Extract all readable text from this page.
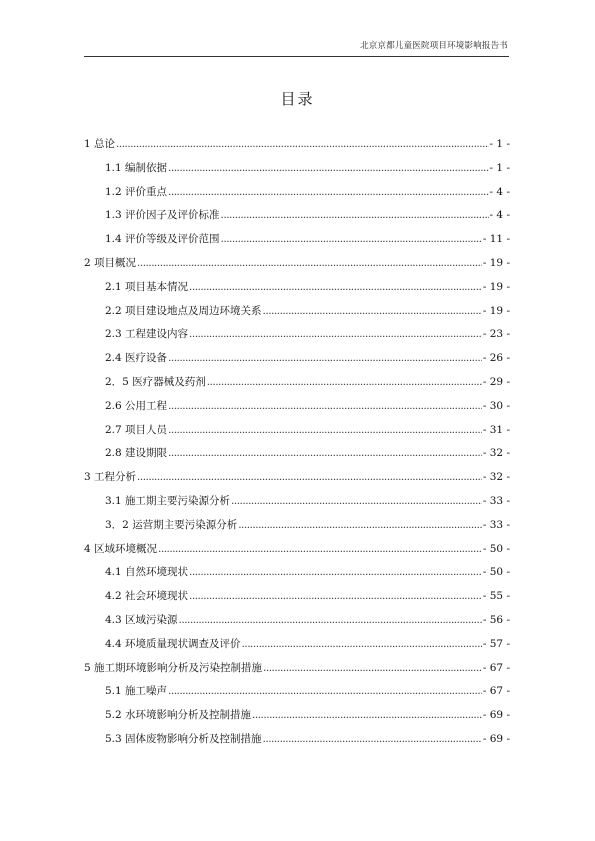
北京京都儿童医院项目环境影响报告书
目录
1 总论 .....	- 1 -
1.1 编制依据 .....	- 1 -
1.2 评价重点 .....	- 4 -
1.3 评价因子及评价标准 .....	- 4 -
1.4 评价等级及评价范围 .....	- 11 -
2 项目概况 .....	- 19 -
2.1 项目基本情况 .....	- 19 -
2.2 项目建设地点及周边环境关系 .....	- 19 -
2.3 工程建设内容 .....	- 23 -
2.4 医疗设备 .....	- 26 -
2．5 医疗器械及药剂 .....	- 29 -
2.6 公用工程 .....	- 30 -
2.7 项目人员 .....	- 31 -
2.8 建设期限 .....	- 32 -
3 工程分析 .....	- 32 -
3.1 施工期主要污染源分析 .....	- 33 -
3．2 运营期主要污染源分析 .....	- 33 -
4 区域环境概况 .....	- 50 -
4.1 自然环境现状 .....	- 50 -
4.2 社会环境现状 .....	- 55 -
4.3 区域污染源 .....	- 56 -
4.4 环境质量现状调查及评价 .....	- 57 -
5 施工期环境影响分析及污染控制措施 .....	- 67 -
5.1 施工噪声 .....	- 67 -
5.2 水环境影响分析及控制措施 .....	- 69 -
5.3 固体废物影响分析及控制措施 .....	- 69 -
